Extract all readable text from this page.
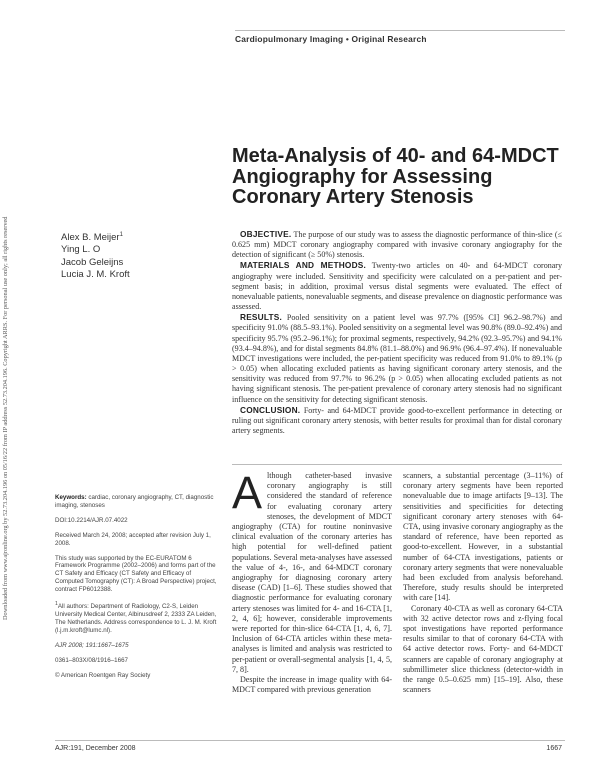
Downloaded from www.ajronline.org by 52.73.204.196 on 05/16/22 from IP address 52.73.204.196. Copyright ARRS. For personal use only; all rights reserved
Cardiopulmonary Imaging • Original Research
Meta-Analysis of 40- and 64-MDCT Angiography for Assessing Coronary Artery Stenosis
Alex B. Meijer$^1$
Ying L. O
Jacob Geleijns
Lucia J. M. Kroft

OBJECTIVE. The purpose of our study was to assess the diagnostic performance of thin-slice (≤ 0.625 mm) MDCT coronary angiography compared with invasive coronary angiography for the detection of significant (≥ 50%) stenosis.

MATERIALS AND METHODS. Twenty-two articles on 40- and 64-MDCT coronary angiography were included. Sensitivity and specificity were calculated on a per-patient and per-segment basis; in addition, proximal versus distal segments were evaluated. The effect of nonevaluable patients, nonevaluable segments, and disease prevalence on diagnostic performance was assessed.

RESULTS. Pooled sensitivity on a patient level was 97.7% ([95% CI] 96.2–98.7%) and specificity 91.0% (88.5–93.1%). Pooled sensitivity on a segmental level was 90.8% (89.0–92.4%) and specificity 95.7% (95.2–96.1%); for proximal segments, respectively, 94.2% (92.3–95.7%) and 94.1% (93.4–94.8%), and for distal segments 84.8% (81.1–88.0%) and 96.9% (96.4–97.4%). If nonevaluable MDCT investigations were included, the per-patient specificity was reduced from 91.0% to 89.1% (p > 0.05) when allocating excluded patients as having significant coronary artery stenosis, and the sensitivity was reduced from 97.7% to 96.2% (p > 0.05) when allocating excluded patients as not having significant stenosis. The per-patient prevalence of coronary artery stenosis had no significant influence on the sensitivity for detecting significant stenosis.

CONCLUSION. Forty- and 64-MDCT provide good-to-excellent performance in detecting or ruling out significant coronary artery stenosis, with better results for proximal than for distal coronary artery segments.

Keywords: cardiac, coronary angiography, CT, diagnostic imaging, stenoses

DOI:10.2214/AJR.07.4022

Received March 24, 2008; accepted after revision July 1, 2008.

This study was supported by the EC-EURATOM 6 Framework Programme (2002–2006) and forms part of the CT Safety and Efficacy (CT Safety and Efficacy of Computed Tomography (CT): A Broad Perspective) project, contract FP6012388.

$^1$All authors: Department of Radiology, C2-S, Leiden University Medical Center, Albinusdreef 2, 2333 ZA Leiden, The Netherlands. Address correspondence to L. J. M. Kroft (l.j.m.kroft@lumc.nl).

AJR 2008; 191:1667–1675

0361–803X/08/1916–1667

© American Roentgen Ray Society

Although catheter-based invasive coronary angiography is still considered the standard of reference for evaluating coronary artery stenoses, the development of MDCT angiography (CTA) for routine noninvasive clinical evaluation of the coronary arteries has high potential for well-defined patient populations. Several meta-analyses have assessed the value of 4-, 16-, and 64-MDCT coronary angiography for diagnosing coronary artery disease (CAD) [1–6]. These studies showed that diagnostic performance for evaluating coronary artery stenoses was limited for 4- and 16-CTA [1, 2, 4, 6]; however, considerable improvements were reported for thin-slice 64-CTA [1, 4, 6, 7]. Inclusion of 64-CTA articles within these meta-analyses is limited and analysis was restricted to per-patient or overall-segmental analysis [1, 4, 5, 7, 8].

Despite the increase in image quality with 64-MDCT compared with previous generation

scanners, a substantial percentage (3–11%) of coronary artery segments have been reported nonevaluable due to image artifacts [9–13]. The sensitivities and specificities for detecting significant coronary artery stenoses with 64-CTA, using invasive coronary angiography as the standard of reference, have been reported as good-to-excellent. However, in a substantial number of 64-CTA investigations, patients or coronary artery segments that were nonevaluable had been excluded from analysis beforehand. Therefore, study results should be interpreted with care [14].

Coronary 40-CTA as well as coronary 64-CTA with 32 active detector rows and z-flying focal spot investigations have reported performance results similar to that of coronary 64-CTA with 64 active detector rows. Forty- and 64-MDCT scanners are capable of coronary angiography at submillimeter slice thickness (detector-width in the range 0.5–0.625 mm) [15–19]. Also, these scanners

AJR:191, December 2008	1667
